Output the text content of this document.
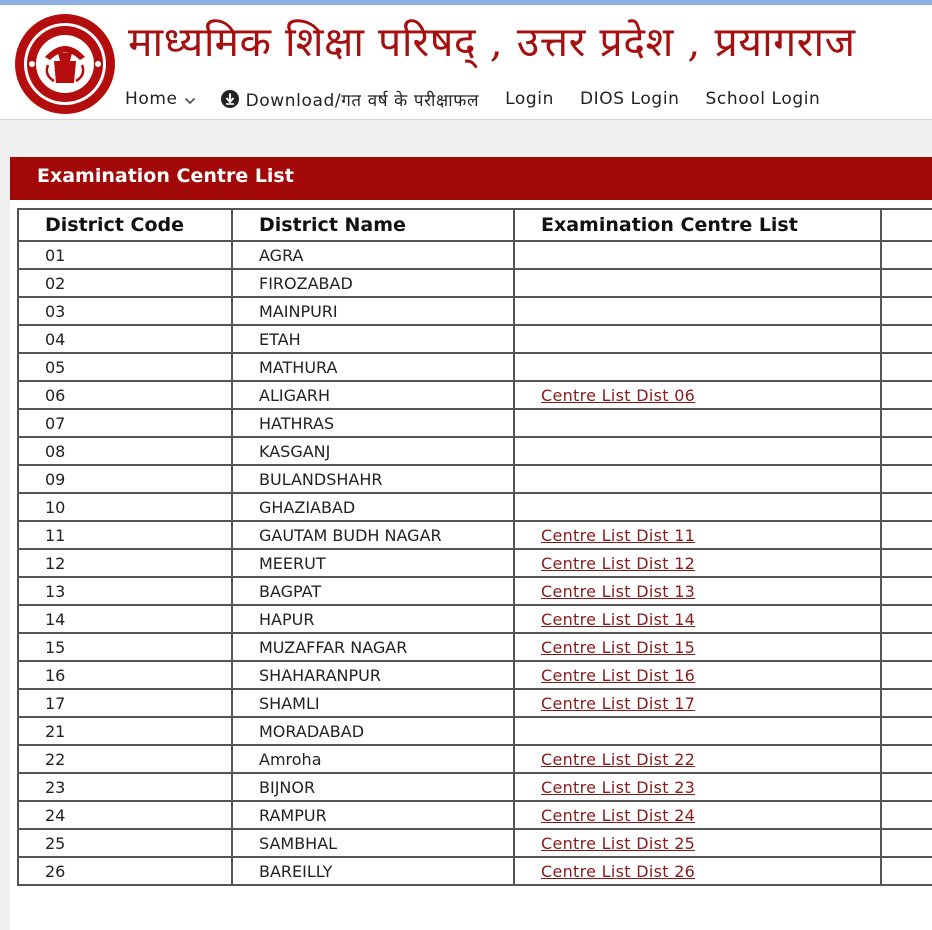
माध्यमिक शिक्षा परिषद् , उत्तर प्रदेश , प्रयागराज
Home	Download/गत वर्ष के परीक्षाफल Login DIOS Login School Login
Examination Centre List
District Code	District Name	Examination Centre List	
01	AGRA		
02	FIROZABAD		
03	MAINPURI		
04	ETAH		
05	MATHURA		
06	ALIGARH	Centre List Dist 06	
07	HATHRAS		
08	KASGANJ		
09	BULANDSHAHR		
10	GHAZIABAD		
11	GAUTAM BUDH NAGAR	Centre List Dist 11	
12	MEERUT	Centre List Dist 12	
13	BAGPAT	Centre List Dist 13	
14	HAPUR	Centre List Dist 14	
15	MUZAFFAR NAGAR	Centre List Dist 15	
16	SHAHARANPUR	Centre List Dist 16	
17	SHAMLI	Centre List Dist 17	
21	MORADABAD		
22	Amroha	Centre List Dist 22	
23	BIJNOR	Centre List Dist 23	
24	RAMPUR	Centre List Dist 24	
25	SAMBHAL	Centre List Dist 25	
26	BAREILLY	Centre List Dist 26	
